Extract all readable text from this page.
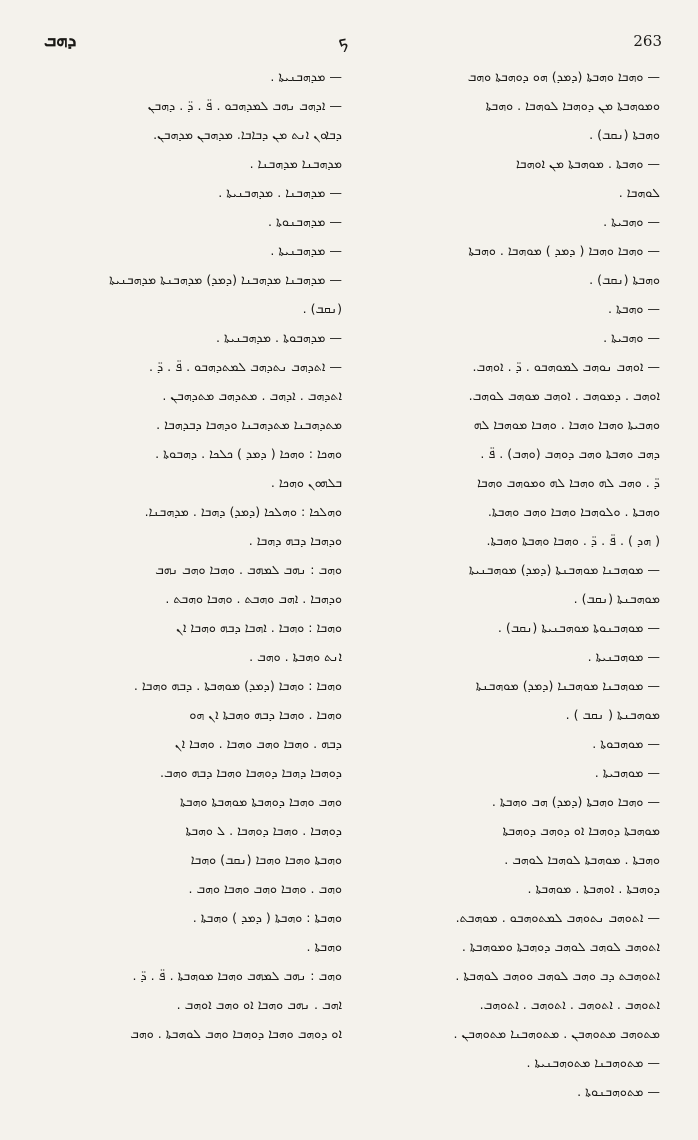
ܕܗܒ	ܟ	263

— ܡܕܗܒܢܝܬܐ .

— ܐܕܗܒ ܢܗܒ ܠܡܕܗܒܘ . ܦ̈ . ܕ̈ . ܕܗܒܢ

ܕܒܐܘܢ ܐܢܬ ܡܢ ܕܒܐܒܐ. ܡܕܗܒܢ ܡܕܗܒܢ.

ܡܕܗܒܢܐ ܡܕܗܒܢܐ .

— ܡܕܗܒܢܐ . ܡܕܗܒܢܝܬܐ .

— ܡܕܗܒܢܘܬܐ .

— ܡܕܗܒܢܝܬܐ .

— ܡܕܗܒܢܐ ܡܕܗܒܢܐ (ܕܡܕ) ܡܕܗܒܢܬܐ ܡܕܗܒܢܝܬܐ

(ܢܩܒ) .

— ܡܕܗܒܘܬܐ . ܡܕܗܒܢܝܬܐ .

— ܐܬܕܗܒ ܢܬܕܗܒ ܠܡܬܕܗܒܘ . ܦ̈ . ܕ̈ .

ܐܬܕܗܒ . ܐܕܗܒ . ܡܬܕܗܒ ܡܬܕܗܒܢ .

ܡܬܕܗܒܢܐ ܡܬܕܗܒܢܐ ܘܕܗܒܐ ܕܒܕܗܒܐ .

ܘܗܟܐ : ܘܗܟܐ ( ܕܡܕ ) ܟܠܟܐ . ܕܗܒܘܬܐ .

ܒܠܗܘܢ ܘܗܟܐ .

ܘܗܠܟܐ : ܘܗܠܟܐ (ܕܡܕ) ܕܗܒܐ . ܡܕܗܒܢܐ.

ܘܕܗܒܐ ܕܒܗ ܕܗܒܐ .

ܘܗܒ : ܢܗܒ ܠܡܗܒ . ܘܗܒܐ ܘܗܒ ܢܗܒ

ܘܕܗܒܐ . ܐܗܒ ܘܗܒܬ . ܘܗܒܐ ܘܗܒܬ .

ܘܗܒܐ : ܘܗܒܐ . ܐܗܒܐ ܕܒܗ ܘܗܒܐ ܐܢ

ܐܢܬ ܘܗܒܬܐ . ܘܗܒ .

ܘܗܒܐ : ܘܗܒܐ (ܕܡܕ) ܡܘܗܒܬܐ . ܕܒܗ ܘܗܒܐ .

ܘܗܒܐ . ܘܗܒܐ ܕܒܗ ܘܗܒܬܐ ܐܢ ܗܘ

ܕܒܗ . ܘܗܒܐ ܘܗܒ ܘܗܒܐ . ܘܗܒܐ ܐܢ

ܕܘܗܒܐ ܕܗܒܐ ܕܘܗܒܐ ܘܗܒܐ ܕܒܗ ܘܗܒ.

ܘܗܒ ܘܗܒܐ ܕܘܗܒܬܐ ܡܘܗܒܬܐ ܘܗܒܬܐ

ܕܘܗܒܐ . ܘܗܒܐ ܕܘܗܒܐ . ܠ ܘܗܒܬܐ

ܘܗܒܬܐ ܘܗܒܐ ܘܗܒܐ (ܢܩܒ) ܘܗܒܐ

ܘܗܒ . ܘܗܒܐ ܘܗܒ ܘܗܒܐ ܘܗܒ .

ܘܗܒܬܐ : ܘܗܒܬܐ ( ܕܡܕ ) ܘܗܒܬܐ .

ܘܗܒܬܐ .

ܘܗܒ : ܢܗܒ ܠܡܗܒ ܘܗܒܐ ܡܘܗܒܬܐ . ܦ̈ . ܕ̈ .

ܐܗܒ . ܢܗܒ ܘܗܒܐ ܐܘ ܘܗܒ ܐܘܗܒ .

ܐܘ ܕܘܗܒ ܘܗܒܐ ܕܘܗܒܐ ܘܗܒ ܠܘܗܒܬܐ . ܘܗܒ

— ܘܗܒܐ ܘܗܒܬܐ (ܕܡܕ) ܗܘ ܕܘܗܒܬܐ ܘܗܒ

ܘܡܘܗܒܬܐ ܡܢ ܕܘܗܒܐ ܠܘܗܒܐ . ܘܗܒܬܐ

ܘܗܒܬܐ (ܢܩܒ) .

— ܘܗܒܬܐ . ܡܘܗܒܬܐ ܡܢ ܐܘܗܒܐ

ܠܘܗܒܐ .

— ܘܗܒܝܬܐ .

— ܘܗܒܐ ܘܗܒܐ ( ܕܡܕ ) ܡܘܗܒܐ . ܘܗܒܬܐ

ܘܗܒܬܐ (ܢܩܒ) .

— ܘܗܒܬܐ .

— ܘܗܒܝܬܐ .

— ܐܘܗܒ ܢܘܗܒ ܠܡܘܗܒܘ . ܕ̈ . ܐܘܗܒ.

ܐܘܗܒ . ܕܡܘܗܒ . ܐܘܗܒ ܡܘܗܒ ܠܘܗܒ.

ܘܗܒܝܬܐ ܘܗܒܐ ܘܗܒܐ . ܘܗܒܐ ܡܘܗܒܐ ܠܗ

ܕܗܒ ܘܗܒܬܐ ܘܗܒ ܕܘܗܒ (ܘܗܒ) . ܦ̈ .

ܕ̈ . ܘܗܒ ܠܗ ܘܗܒܐ ܠܗ ܘܡܘܗܒ ܘܗܒܐ

ܘܗܒܬܐ . ܘܠܘܗܒܐ ܘܗܒܐ ܘܗܒ ܘܗܒܬܐ.

( ܗܕ ) . ܦ̈ . ܕ̈ . ܘܗܒܐ ܘܗܒܬܐ ܘܗܒܬܐ.

— ܡܘܗܒܢܐ ܡܘܗܒܢܬܐ (ܕܡܕ) ܡܘܗܒܢܝܬܐ

ܡܘܗܒܢܬܐ (ܢܩܒ) .

— ܡܘܗܒܢܘܬܐ ܡܘܗܒܢܝܬܐ (ܢܩܒ) .

— ܡܘܗܒܢܝܬܐ .

— ܡܘܗܒܢܐ ܡܘܗܒܢܐ (ܕܡܕ) ܡܘܗܒܢܬܐ

ܡܘܗܒܢܬܐ ( ܢܩܒ ) .

— ܡܘܗܒܘܬܐ .

— ܡܘܗܒܝܬܐ .

— ܘܗܒܐ ܘܗܒܬܐ (ܕܡܕ) ܗܒ ܘܗܒܬܐ .

ܡܘܗܒܬܐ ܕܘܗܒܐ ܐܘ ܕܘܗܒ ܕܘܗܒܬܐ

ܘܗܒܬܐ . ܡܘܗܒܬܐ ܠܘܗܒܐ ܠܘܗܒ .

ܕܘܗܒܬܐ . ܐܘܗܒܬܐ . ܡܘܗܒܬܐ .

— ܐܬܘܗܒ ܢܬܘܗܒ ܠܡܬܘܗܒܘ . ܡܘܗܒܬ.

ܐܬܘܗܒ ܠܘܗܒ ܠܘܗܒ ܕܘܗܒܬܐ ܘܡܘܗܒܬܐ .

ܐܬܘܗܒܬ ܕܒ ܘܗܒ ܠܘܗܒ ܘܘܗܒ ܠܘܗܒܬܐ .

ܐܬܘܗܒ . ܐܬܘܗܒ . ܐܬܘܗܒ . ܐܬܘܗܒ.

ܡܬܘܗܒ ܡܬܘܗܒܢ . ܡܬܘܗܒܢܐ ܡܬܘܗܒܢ .

— ܡܬܘܗܒܢܐ ܡܬܘܗܒܢܝܬܐ .

— ܡܬܘܗܒܢܘܬܐ .
